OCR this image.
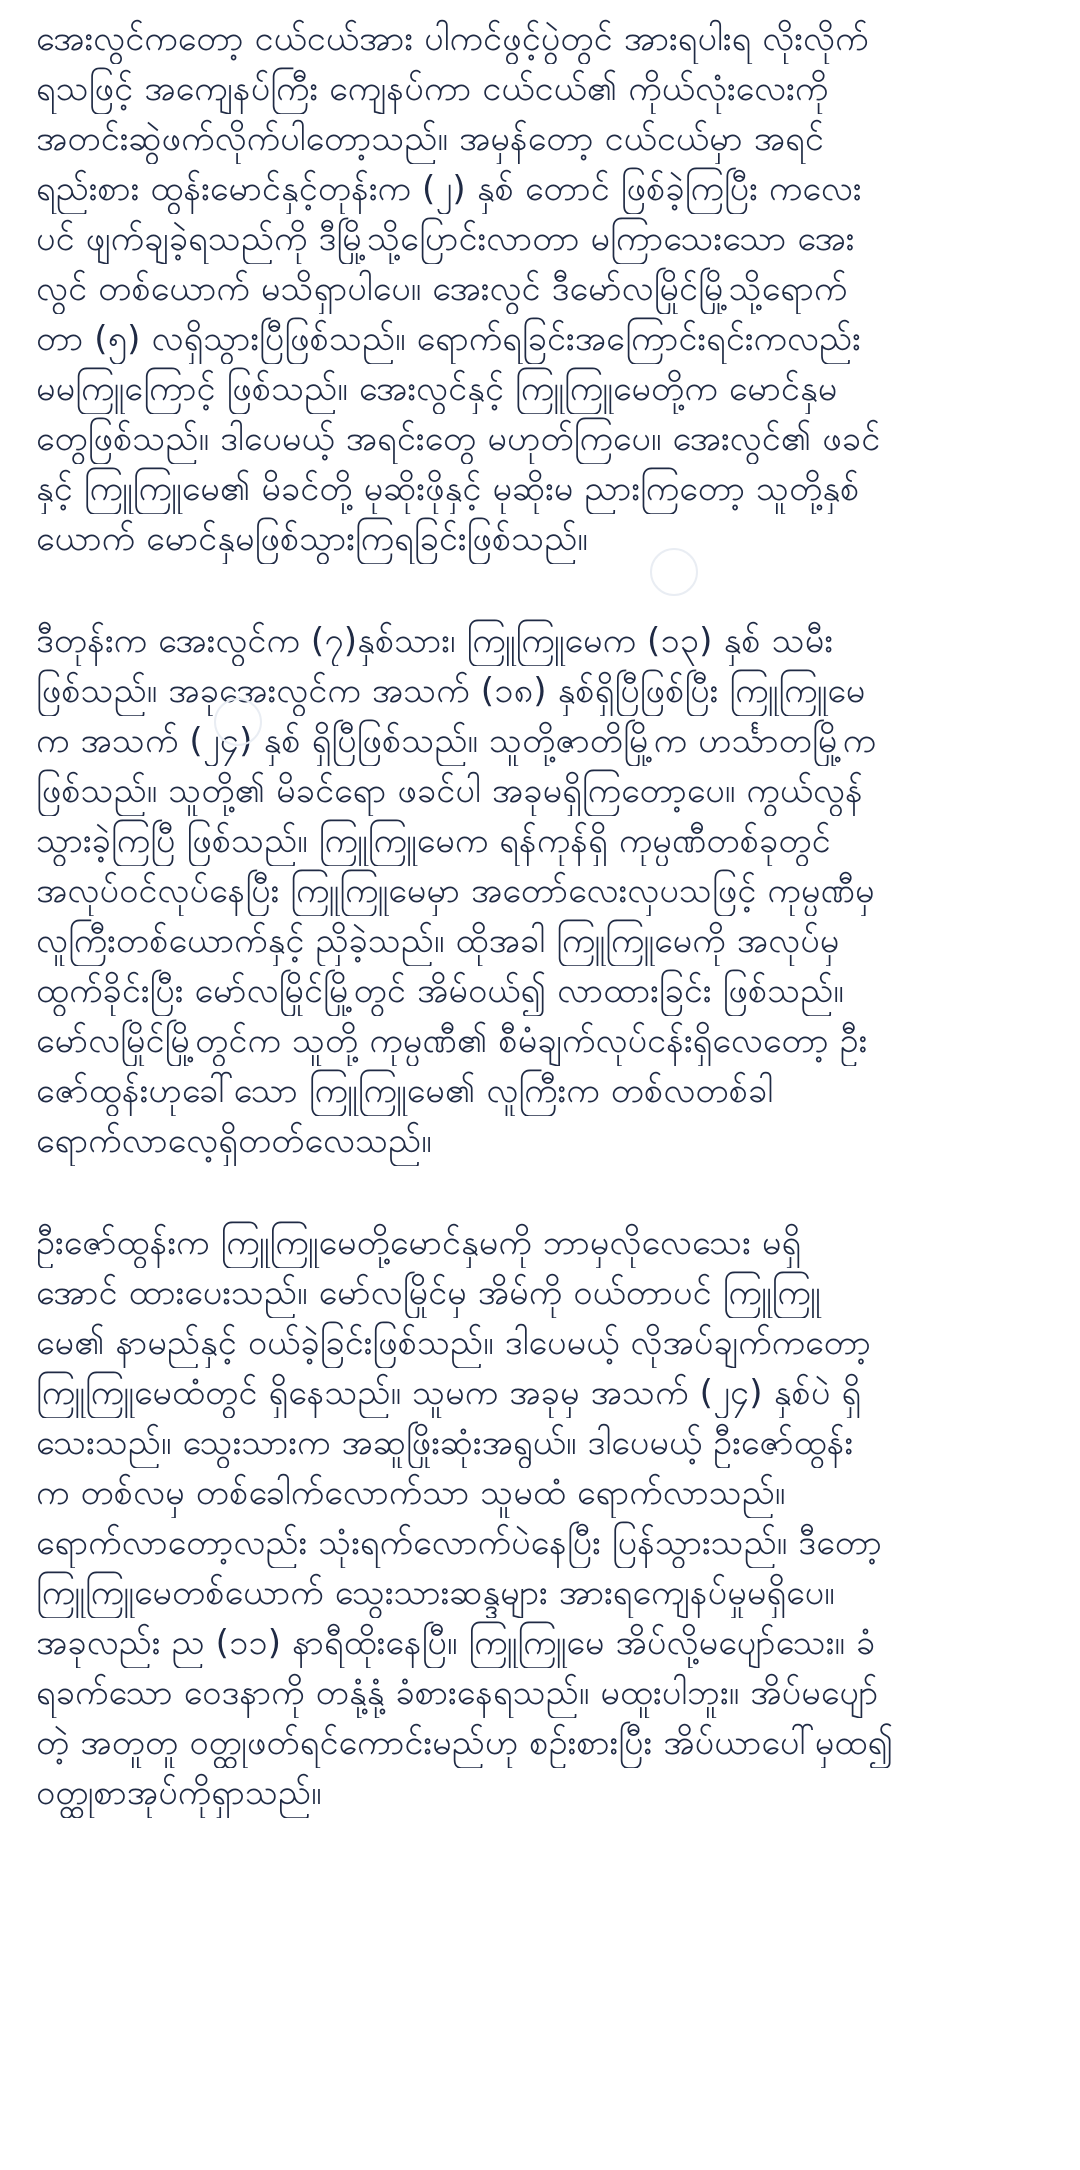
အေးလွင်ကတော့ ငယ်ငယ်အား ပါကင်ဖွင့်ပွဲတွင် အားရပါးရ လိုးလိုက်
ရသဖြင့် အကျေနပ်ကြီး ကျေနပ်ကာ ငယ်ငယ်၏ ကိုယ်လုံးလေးကို
အတင်းဆွဲဖက်လိုက်ပါတော့သည်။ အမှန်တော့ ငယ်ငယ်မှာ အရင်
ရည်းစား ထွန်းမောင်နှင့်တုန်းက (၂) နှစ် တောင် ဖြစ်ခဲ့ကြပြီး ကလေး
ပင် ဖျက်ချခဲ့ရသည်ကို ဒီမြို့သို့ပြောင်းလာတာ မကြာသေးသော အေး
လွင် တစ်ယောက် မသိရှာပါပေ။ အေးလွင် ဒီမော်လမြိုင်မြို့သို့ရောက်
တာ (၅) လရှိသွားပြီဖြစ်သည်။ ရောက်ရခြင်းအကြောင်းရင်းကလည်း
မမကြူကြောင့် ဖြစ်သည်။ အေးလွင်နှင့် ကြူကြူမေတို့က မောင်နှမ
တွေဖြစ်သည်။ ဒါပေမယ့် အရင်းတွေ မဟုတ်ကြပေ။ အေးလွင်၏ ဖခင်
နှင့် ကြူကြူမေ၏ မိခင်တို့ မုဆိုးဖိုနှင့် မုဆိုးမ ညားကြတော့ သူတို့နှစ်
ယောက် မောင်နှမဖြစ်သွားကြရခြင်းဖြစ်သည်။
ဒီတုန်းက အေးလွင်က (၇)နှစ်သား၊ ကြူကြူမေက (၁၃) နှစ် သမီး
ဖြစ်သည်။ အခုအေးလွင်က အသက် (၁၈) နှစ်ရှိပြီဖြစ်ပြီး ကြူကြူမေ
က အသက် (၂၄) နှစ် ရှိပြီဖြစ်သည်။ သူတို့ဇာတိမြို့က ဟင်္သာတမြို့က
ဖြစ်သည်။ သူတို့၏ မိခင်ရော ဖခင်ပါ အခုမရှိကြတော့ပေ။ ကွယ်လွန်
သွားခဲ့ကြပြီ ဖြစ်သည်။ ကြူကြူမေက ရန်ကုန်ရှိ ကုမ္ပဏီတစ်ခုတွင်
အလုပ်ဝင်လုပ်နေပြီး ကြူကြူမေမှာ အတော်လေးလှပသဖြင့် ကုမ္ပဏီမှ
လူကြီးတစ်ယောက်နှင့် ညှိခဲ့သည်။ ထိုအခါ ကြူကြူမေကို အလုပ်မှ
ထွက်ခိုင်းပြီး မော်လမြိုင်မြို့တွင် အိမ်ဝယ်၍ လာထားခြင်း ဖြစ်သည်။
မော်လမြိုင်မြို့တွင်က သူတို့ ကုမ္ပဏီ၏ စီမံချက်လုပ်ငန်းရှိလေတော့ ဦး
ဇော်ထွန်းဟုခေါ်သော ကြူကြူမေ၏ လူကြီးက တစ်လတစ်ခါ
ရောက်လာလေ့ရှိတတ်လေသည်။
ဦးဇော်ထွန်းက ကြူကြူမေတို့မောင်နှမကို ဘာမှလိုလေသေး မရှိ
အောင် ထားပေးသည်။ မော်လမြိုင်မှ အိမ်ကို ဝယ်တာပင် ကြူကြူ
မေ၏ နာမည်နှင့် ဝယ်ခဲ့ခြင်းဖြစ်သည်။ ဒါပေမယ့် လိုအပ်ချက်ကတော့
ကြူကြူမေထံတွင် ရှိနေသည်။ သူမက အခုမှ အသက် (၂၄) နှစ်ပဲ ရှိ
သေးသည်။ သွေးသားက အဆူဖြိုးဆုံးအရွယ်။ ဒါပေမယ့် ဦးဇော်ထွန်း
က တစ်လမှ တစ်ခေါက်လောက်သာ သူမထံ ရောက်လာသည်။
ရောက်လာတော့လည်း သုံးရက်လောက်ပဲနေပြီး ပြန်သွားသည်။ ဒီတော့
ကြူကြူမေတစ်ယောက် သွေးသားဆန္ဒများ အားရကျေနပ်မှုမရှိပေ။
အခုလည်း ည (၁၁) နာရီထိုးနေပြီ။ ကြူကြူမေ အိပ်လို့မပျော်သေး။ ခံ
ရခက်သော ဝေဒနာကို တနုံ့နုံ့ ခံစားနေရသည်။ မထူးပါဘူး။ အိပ်မပျော်
တဲ့ အတူတူ ဝတ္ထုဖတ်ရင်ကောင်းမည်ဟု စဉ်းစားပြီး အိပ်ယာပေါ်မှထ၍
ဝတ္ထုစာအုပ်ကိုရှာသည်။
